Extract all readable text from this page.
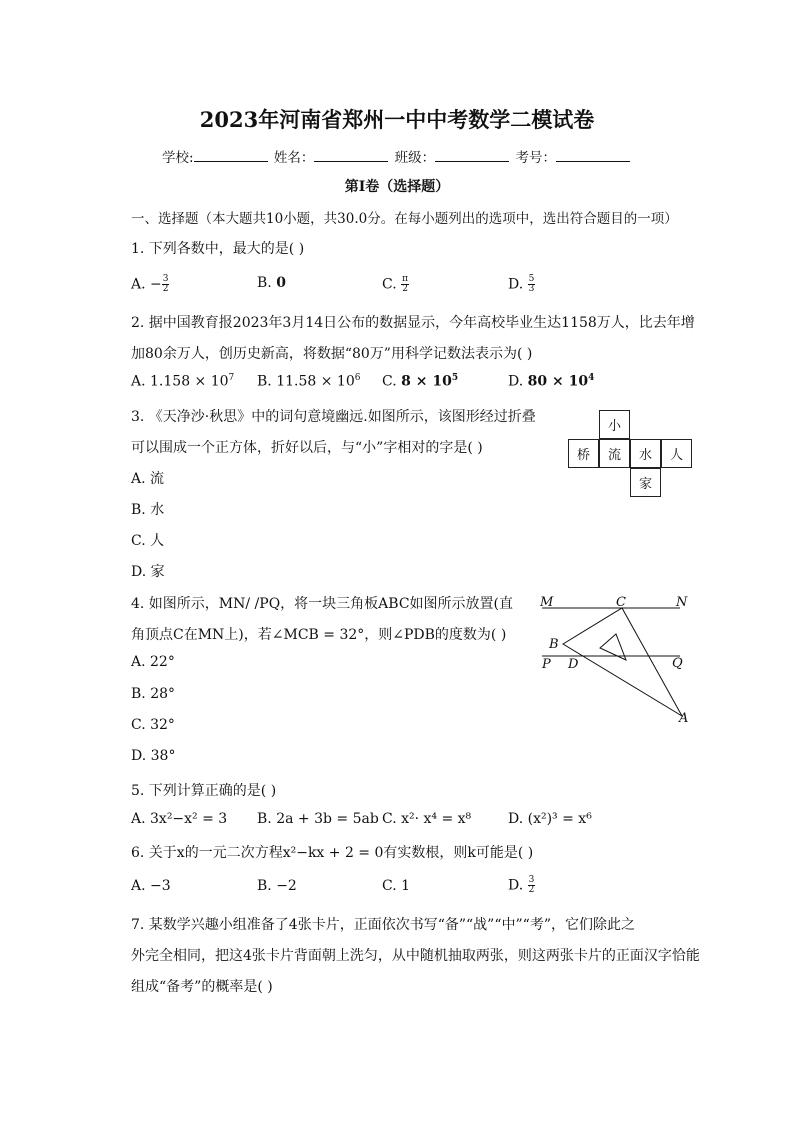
2023年河南省郑州一中中考数学二模试卷
学校:	姓名：	班级：	考号：
第I卷（选择题）
一、选择题（本大题共10小题，共30.0分。在每小题列出的选项中，选出符合题目的一项）
1. 下列各数中，最大的是( )
A. − $\frac{3}{2}$	B. 0	C. $\frac{\pi}{2}$	D. $\frac{5}{3}$
2. 据中国教育报2023年3月14日公布的数据显示，今年高校毕业生达1158万人，比去年增
加80余万人，创历史新高，将数据“80万”用科学记数法表示为( )
A. $1.158 \times 10^7$ B. $11.58 \times 10^6$ C. $8 \times 10^5$	D. $80 \times 10^4$
3. 《天净沙·秋思》中的词句意境幽远.如图所示，该图形经过折叠
可以围成一个正方体，折好以后，与“小”字相对的字是( )
A. 流
B. 水
C. 人
D. 家
小
桥	流	水	人
家
4. 如图所示，MN/ /PQ，将一块三角板ABC如图所示放置(直
角顶点C在MN上)，若∠MCB = 32°，则∠PDB的度数为( )
A. 22°
B. 28°
C. 32°
D. 38°
M	C	N
B
P D	Q
A
5. 下列计算正确的是( )
A. 3x²−x² = 3 B. 2a + 3b = 5ab C. x²· x⁴ = x⁸	D. (x²)³ = x⁶
6. 关于x的一元二次方程x²−kx + 2 = 0有实数根，则k可能是( )
A. −3	B. −2	C. 1	D. $\frac{3}{2}$
7. 某数学兴趣小组准备了4张卡片，正面依次书写“备”“战”“中”“考”，它们除此之
外完全相同，把这4张卡片背面朝上洗匀，从中随机抽取两张，则这两张卡片的正面汉字恰能
组成“备考”的概率是( )
